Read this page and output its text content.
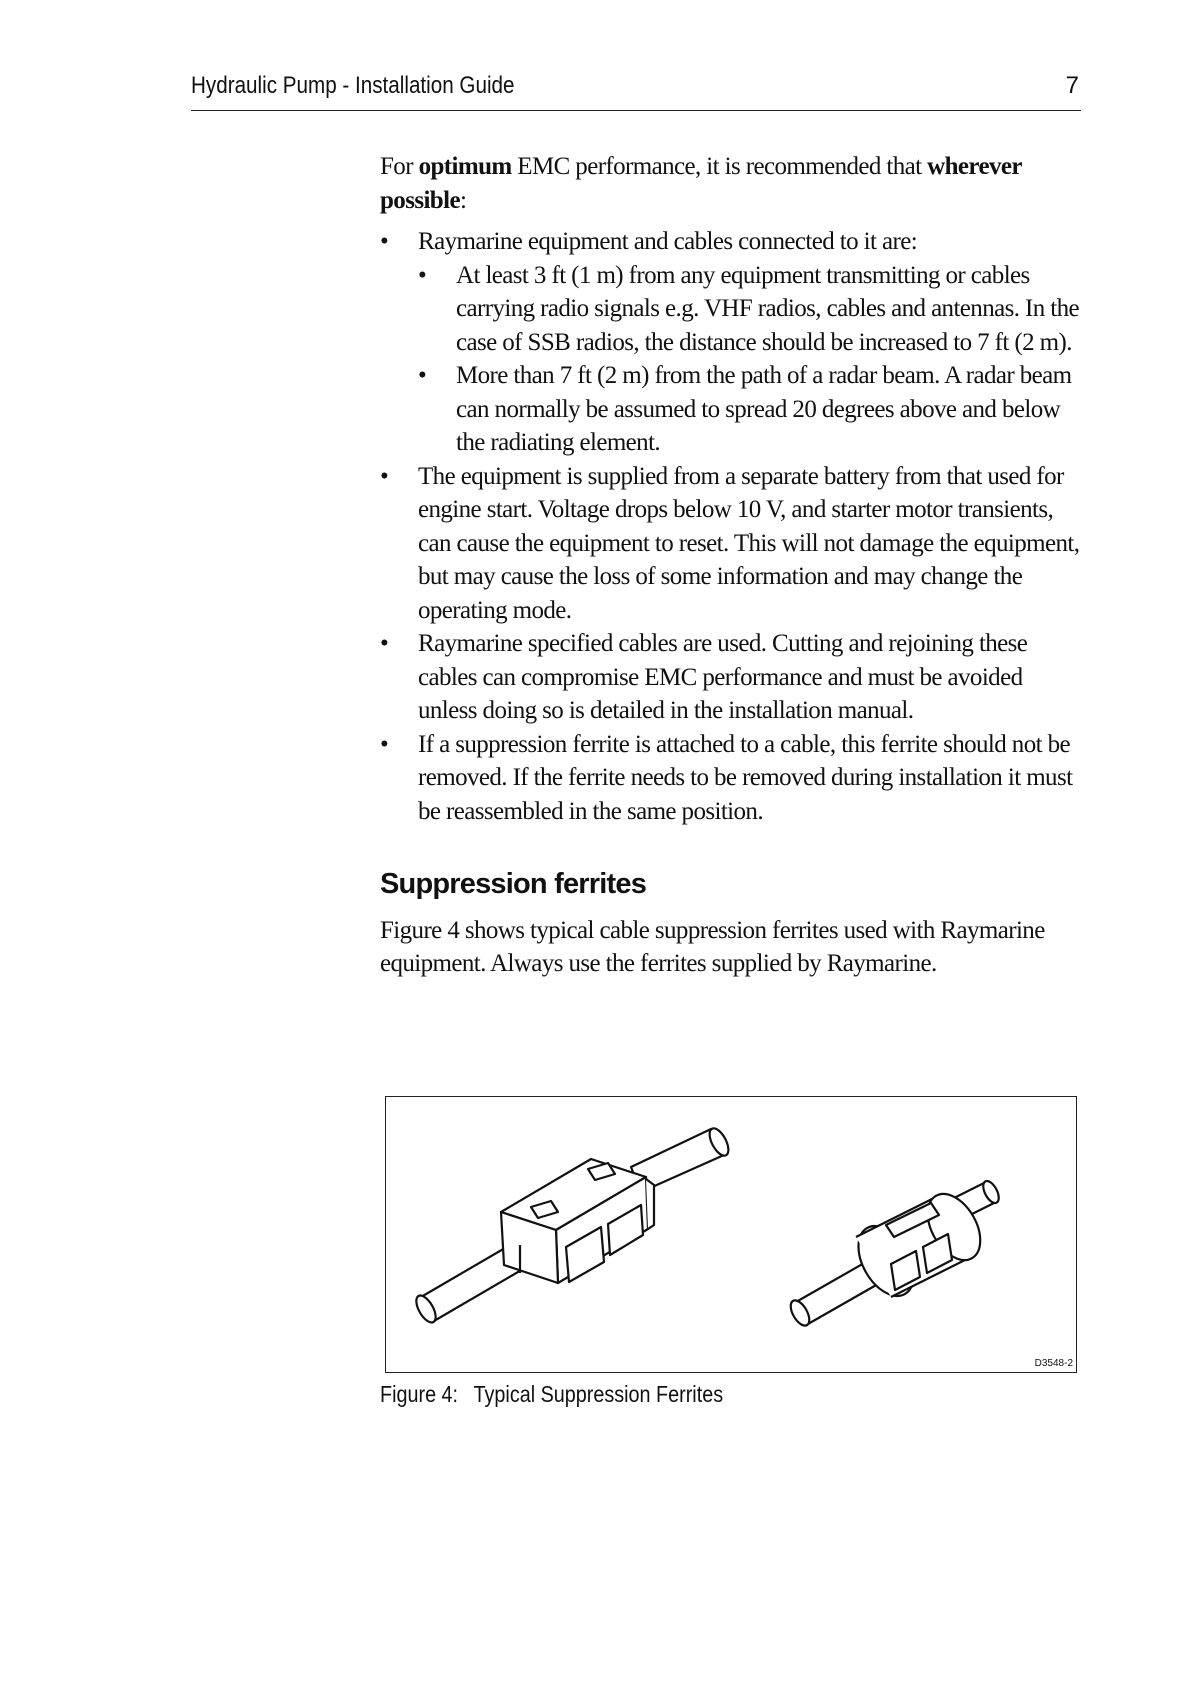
Hydraulic Pump - Installation Guide	7

For optimum EMC performance, it is recommended that wherever possible:

• Raymarine equipment and cables connected to it are:
• At least 3 ft (1 m) from any equipment transmitting or cables carrying radio signals e.g. VHF radios, cables and antennas. In the case of SSB radios, the distance should be increased to 7 ft (2 m).
• More than 7 ft (2 m) from the path of a radar beam. A radar beam can normally be assumed to spread 20 degrees above and below the radiating element.
• The equipment is supplied from a separate battery from that used for engine start. Voltage drops below 10 V, and starter motor transients, can cause the equipment to reset. This will not damage the equipment, but may cause the loss of some information and may change the operating mode.
• Raymarine specified cables are used. Cutting and rejoining these cables can compromise EMC performance and must be avoided unless doing so is detailed in the installation manual.
• If a suppression ferrite is attached to a cable, this ferrite should not be removed. If the ferrite needs to be removed during installation it must be reassembled in the same position.
Suppression ferrites

Figure 4 shows typical cable suppression ferrites used with Raymarine equipment. Always use the ferrites supplied by Raymarine.

D3548-2
Figure 4: Typical Suppression Ferrites
